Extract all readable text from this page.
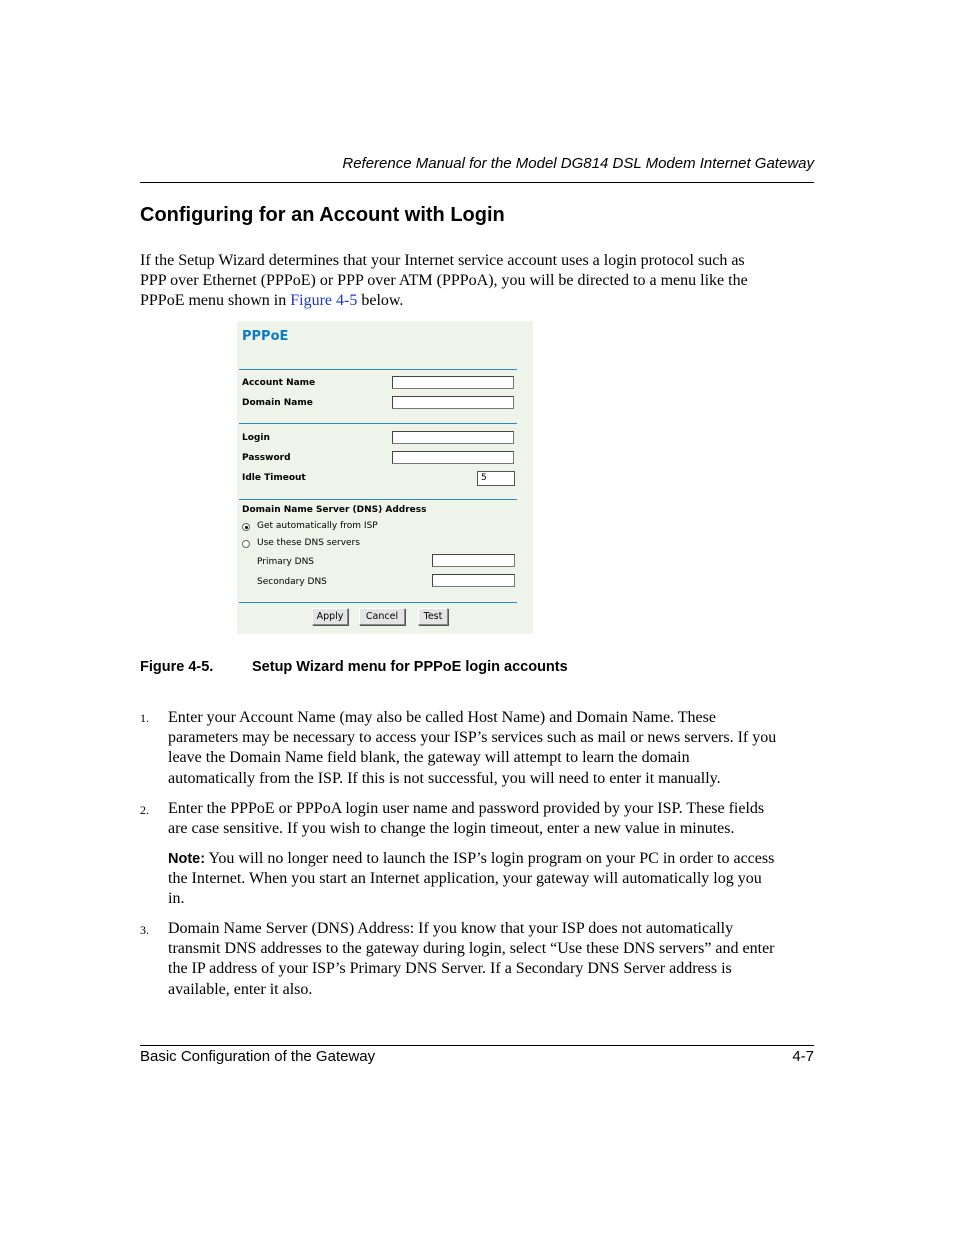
Reference Manual for the Model DG814 DSL Modem Internet Gateway
Configuring for an Account with Login
If the Setup Wizard determines that your Internet service account uses a login protocol such as
PPP over Ethernet (PPPoE) or PPP over ATM (PPPoA), you will be directed to a menu like the
PPPoE menu shown in Figure 4-5 below.
PPPoE
Account Name
Domain Name
Login
Password
Idle Timeout	5
Domain Name Server (DNS) Address
Get automatically from ISP
Use these DNS servers
Primary DNS
Secondary DNS
Apply	Cancel	Test
Figure 4-5.	Setup Wizard menu for PPPoE login accounts
1. Enter your Account Name (may also be called Host Name) and Domain Name. These
parameters may be necessary to access your ISP’s services such as mail or news servers. If you
leave the Domain Name field blank, the gateway will attempt to learn the domain
automatically from the ISP. If this is not successful, you will need to enter it manually.
2. Enter the PPPoE or PPPoA login user name and password provided by your ISP. These fields
are case sensitive. If you wish to change the login timeout, enter a new value in minutes.
Note: You will no longer need to launch the ISP’s login program on your PC in order to access
the Internet. When you start an Internet application, your gateway will automatically log you
in.
3. Domain Name Server (DNS) Address: If you know that your ISP does not automatically
transmit DNS addresses to the gateway during login, select “Use these DNS servers” and enter
the IP address of your ISP’s Primary DNS Server. If a Secondary DNS Server address is
available, enter it also.
Basic Configuration of the Gateway	4-7
